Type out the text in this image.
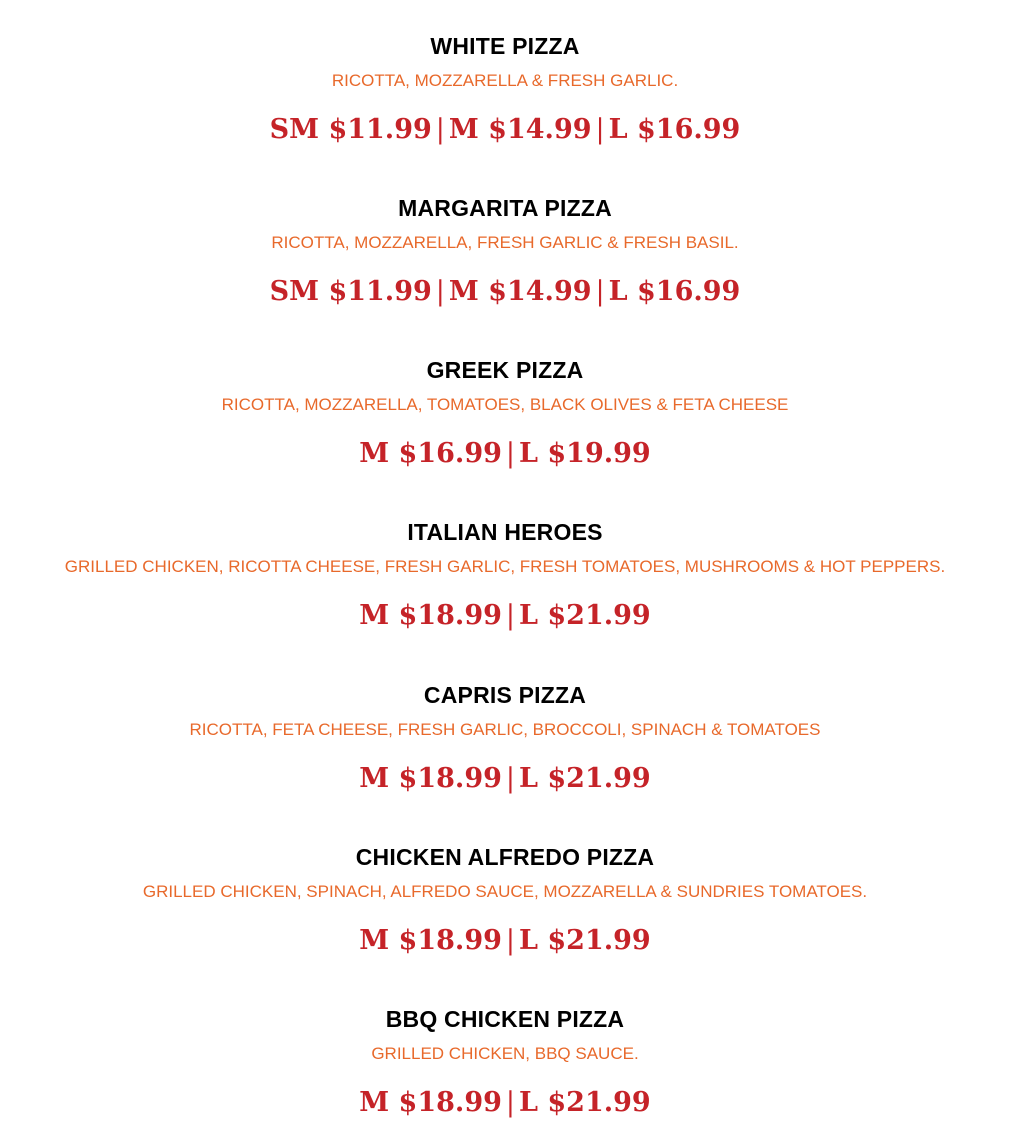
WHITE PIZZA
RICOTTA, MOZZARELLA & FRESH GARLIC.
SM $11.99 | M $14.99 | L $16.99
MARGARITA PIZZA
RICOTTA, MOZZARELLA, FRESH GARLIC & FRESH BASIL.
SM $11.99 | M $14.99 | L $16.99
GREEK PIZZA
RICOTTA, MOZZARELLA, TOMATOES, BLACK OLIVES & FETA CHEESE
M $16.99 | L $19.99
ITALIAN HEROES
GRILLED CHICKEN, RICOTTA CHEESE, FRESH GARLIC, FRESH TOMATOES, MUSHROOMS & HOT PEPPERS.
M $18.99 | L $21.99
CAPRIS PIZZA
RICOTTA, FETA CHEESE, FRESH GARLIC, BROCCOLI, SPINACH & TOMATOES
M $18.99 | L $21.99
CHICKEN ALFREDO PIZZA
GRILLED CHICKEN, SPINACH, ALFREDO SAUCE, MOZZARELLA & SUNDRIES TOMATOES.
M $18.99 | L $21.99
BBQ CHICKEN PIZZA
GRILLED CHICKEN, BBQ SAUCE.
M $18.99 | L $21.99
